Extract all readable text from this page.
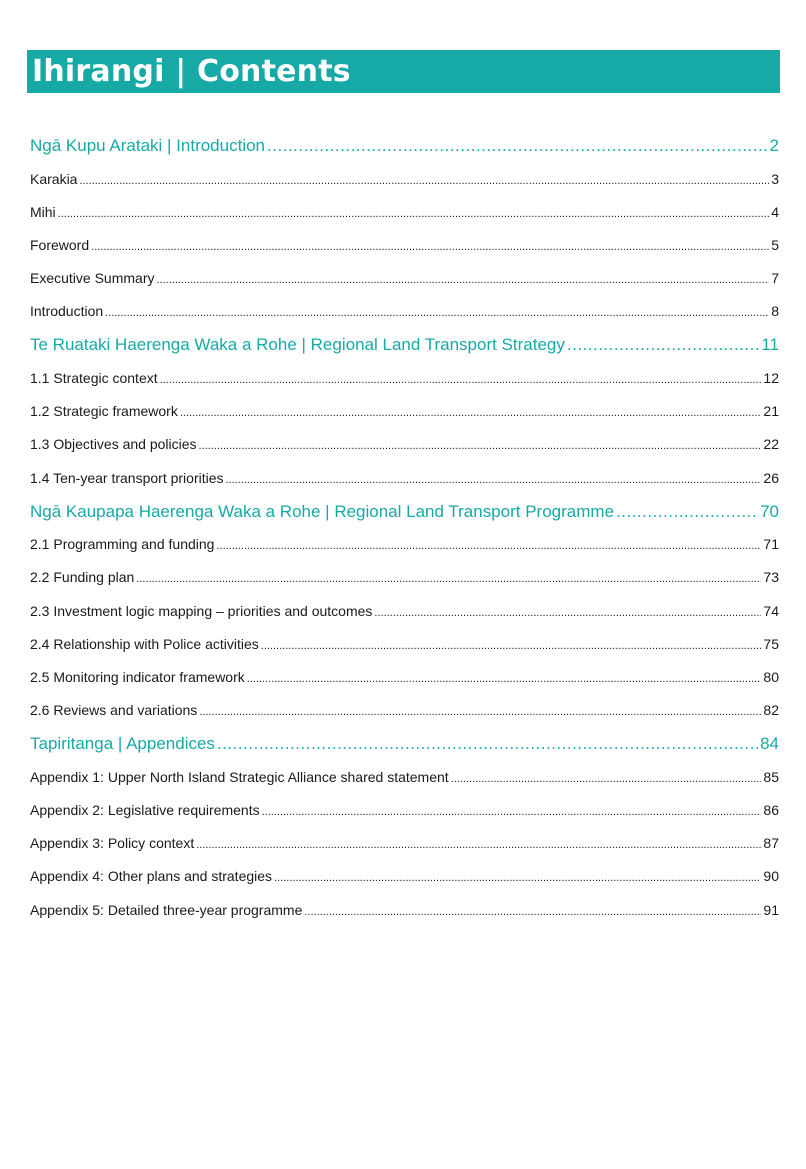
Ihirangi | Contents
Ngā Kupu Arataki | Introduction .....	2
Karakia .....	3
Mihi .....	4
Foreword .....	5
Executive Summary .....	7
Introduction .....	8
Te Ruataki Haerenga Waka a Rohe | Regional Land Transport Strategy .....	11
1.1 Strategic context .....	12
1.2 Strategic framework .....	21
1.3 Objectives and policies .....	22
1.4 Ten-year transport priorities .....	26
Ngā Kaupapa Haerenga Waka a Rohe | Regional Land Transport Programme .....	70
2.1 Programming and funding .....	71
2.2 Funding plan .....	73
2.3 Investment logic mapping – priorities and outcomes .....	74
2.4 Relationship with Police activities .....	75
2.5 Monitoring indicator framework .....	80
2.6 Reviews and variations .....	82
Tapiritanga | Appendices .....	84
Appendix 1: Upper North Island Strategic Alliance shared statement .....	85
Appendix 2: Legislative requirements .....	86
Appendix 3: Policy context .....	87
Appendix 4: Other plans and strategies .....	90
Appendix 5: Detailed three-year programme .....	91
